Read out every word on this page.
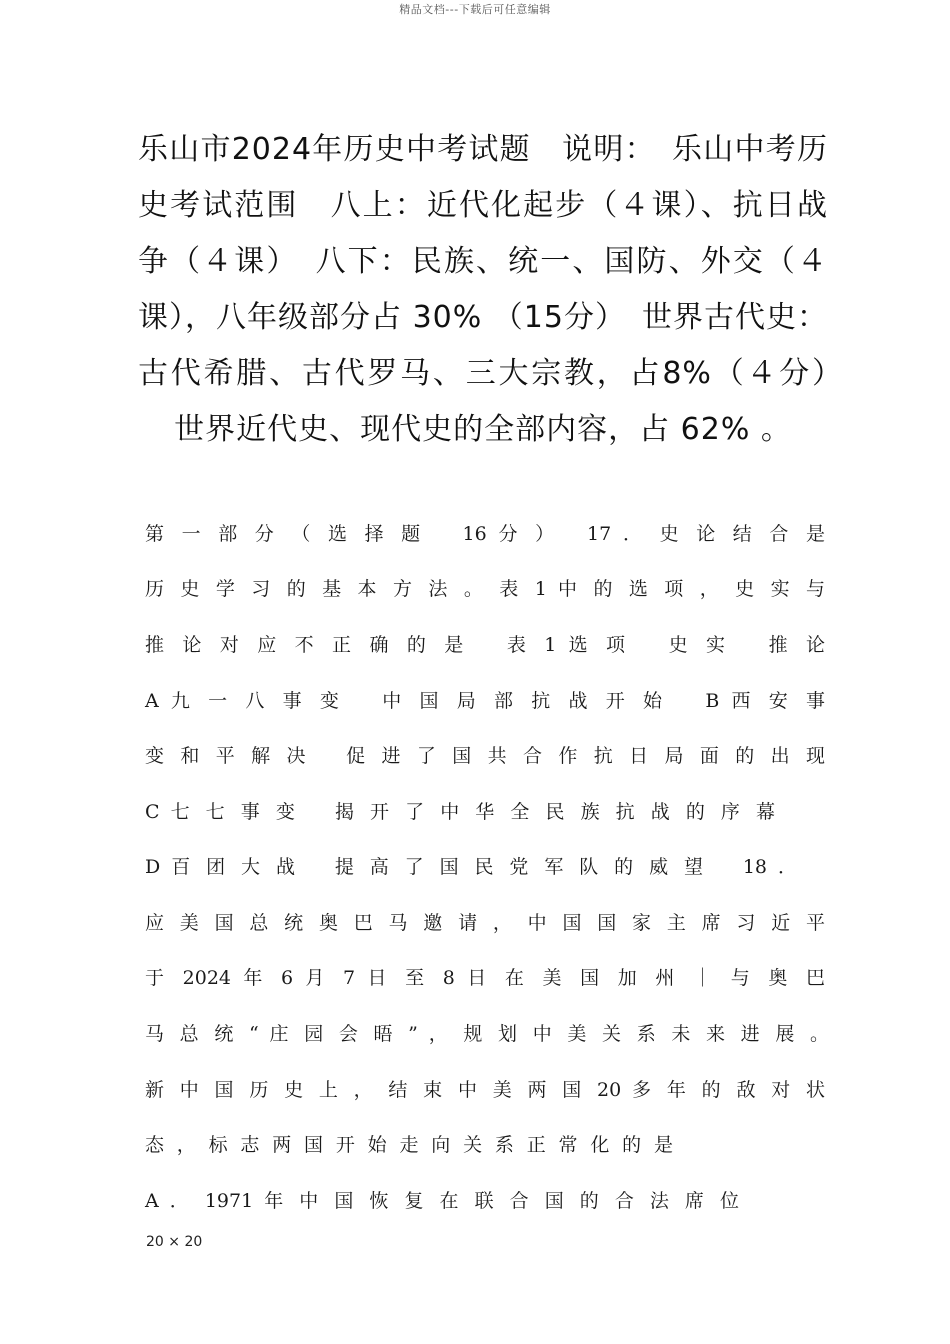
精品文档---下载后可任意编辑
乐山市2024年历史中考试题　说明：　乐山中考历史考试范围　八上：近代化起步（４课）、抗日战争（４课）　八下：民族、统一、国防、外交（４课），八年级部分占 30% （15分）　世界古代史：古代希腊、古代罗马、三大宗教，占8%（４分）　世界近代史、现代史的全部内容，占 62% 。
第 一 部 分 （ 选 择 题　 16 分 ）　 17 ． 史 论 结 合 是
历 史 学 习 的 基 本 方 法 。 表 1 中 的 选 项 ， 史 实 与
推 论 对 应 不 正 确 的 是　 表 1 选 项　 史 实　 推 论
A 九 一 八 事 变　 中 国 局 部 抗 战 开 始　 B 西 安 事
变 和 平 解 决　 促 进 了 国 共 合 作 抗 日 局 面 的 出 现
C 七 七 事 变　 揭 开 了 中 华 全 民 族 抗 战 的 序 幕
D 百 团 大 战　 提 高 了 国 民 党 军 队 的 威 望　 18 ．
应 美 国 总 统 奥 巴 马 邀 请 ， 中 国 国 家 主 席 习 近 平
于 2024 年 6 月 7 日 至 8 日 在 美 国 加 州 ｜ 与 奥 巴
马 总 统 “ 庄 园 会 晤 ” ， 规 划 中 美 关 系 未 来 进 展 。
新 中 国 历 史 上 ， 结 束 中 美 两 国 20 多 年 的 敌 对 状
态 ， 标 志 两 国 开 始 走 向 关 系 正 常 化 的 是
A ． 1971 年 中 国 恢 复 在 联 合 国 的 合 法 席 位
20 × 20
